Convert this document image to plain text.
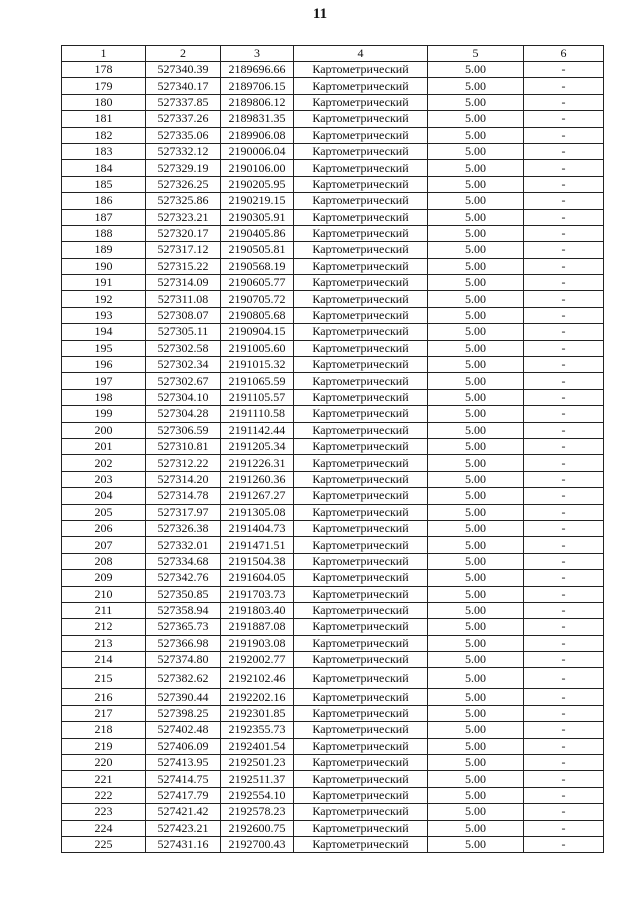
11
1	2	3	4	5	6
178	527340.39	2189696.66	Картометрический	5.00	-
179	527340.17	2189706.15	Картометрический	5.00	-
180	527337.85	2189806.12	Картометрический	5.00	-
181	527337.26	2189831.35	Картометрический	5.00	-
182	527335.06	2189906.08	Картометрический	5.00	-
183	527332.12	2190006.04	Картометрический	5.00	-
184	527329.19	2190106.00	Картометрический	5.00	-
185	527326.25	2190205.95	Картометрический	5.00	-
186	527325.86	2190219.15	Картометрический	5.00	-
187	527323.21	2190305.91	Картометрический	5.00	-
188	527320.17	2190405.86	Картометрический	5.00	-
189	527317.12	2190505.81	Картометрический	5.00	-
190	527315.22	2190568.19	Картометрический	5.00	-
191	527314.09	2190605.77	Картометрический	5.00	-
192	527311.08	2190705.72	Картометрический	5.00	-
193	527308.07	2190805.68	Картометрический	5.00	-
194	527305.11	2190904.15	Картометрический	5.00	-
195	527302.58	2191005.60	Картометрический	5.00	-
196	527302.34	2191015.32	Картометрический	5.00	-
197	527302.67	2191065.59	Картометрический	5.00	-
198	527304.10	2191105.57	Картометрический	5.00	-
199	527304.28	2191110.58	Картометрический	5.00	-
200	527306.59	2191142.44	Картометрический	5.00	-
201	527310.81	2191205.34	Картометрический	5.00	-
202	527312.22	2191226.31	Картометрический	5.00	-
203	527314.20	2191260.36	Картометрический	5.00	-
204	527314.78	2191267.27	Картометрический	5.00	-
205	527317.97	2191305.08	Картометрический	5.00	-
206	527326.38	2191404.73	Картометрический	5.00	-
207	527332.01	2191471.51	Картометрический	5.00	-
208	527334.68	2191504.38	Картометрический	5.00	-
209	527342.76	2191604.05	Картометрический	5.00	-
210	527350.85	2191703.73	Картометрический	5.00	-
211	527358.94	2191803.40	Картометрический	5.00	-
212	527365.73	2191887.08	Картометрический	5.00	-
213	527366.98	2191903.08	Картометрический	5.00	-
214	527374.80	2192002.77	Картометрический	5.00	-
215	527382.62	2192102.46	Картометрический	5.00	-
216	527390.44	2192202.16	Картометрический	5.00	-
217	527398.25	2192301.85	Картометрический	5.00	-
218	527402.48	2192355.73	Картометрический	5.00	-
219	527406.09	2192401.54	Картометрический	5.00	-
220	527413.95	2192501.23	Картометрический	5.00	-
221	527414.75	2192511.37	Картометрический	5.00	-
222	527417.79	2192554.10	Картометрический	5.00	-
223	527421.42	2192578.23	Картометрический	5.00	-
224	527423.21	2192600.75	Картометрический	5.00	-
225	527431.16	2192700.43	Картометрический	5.00	-
